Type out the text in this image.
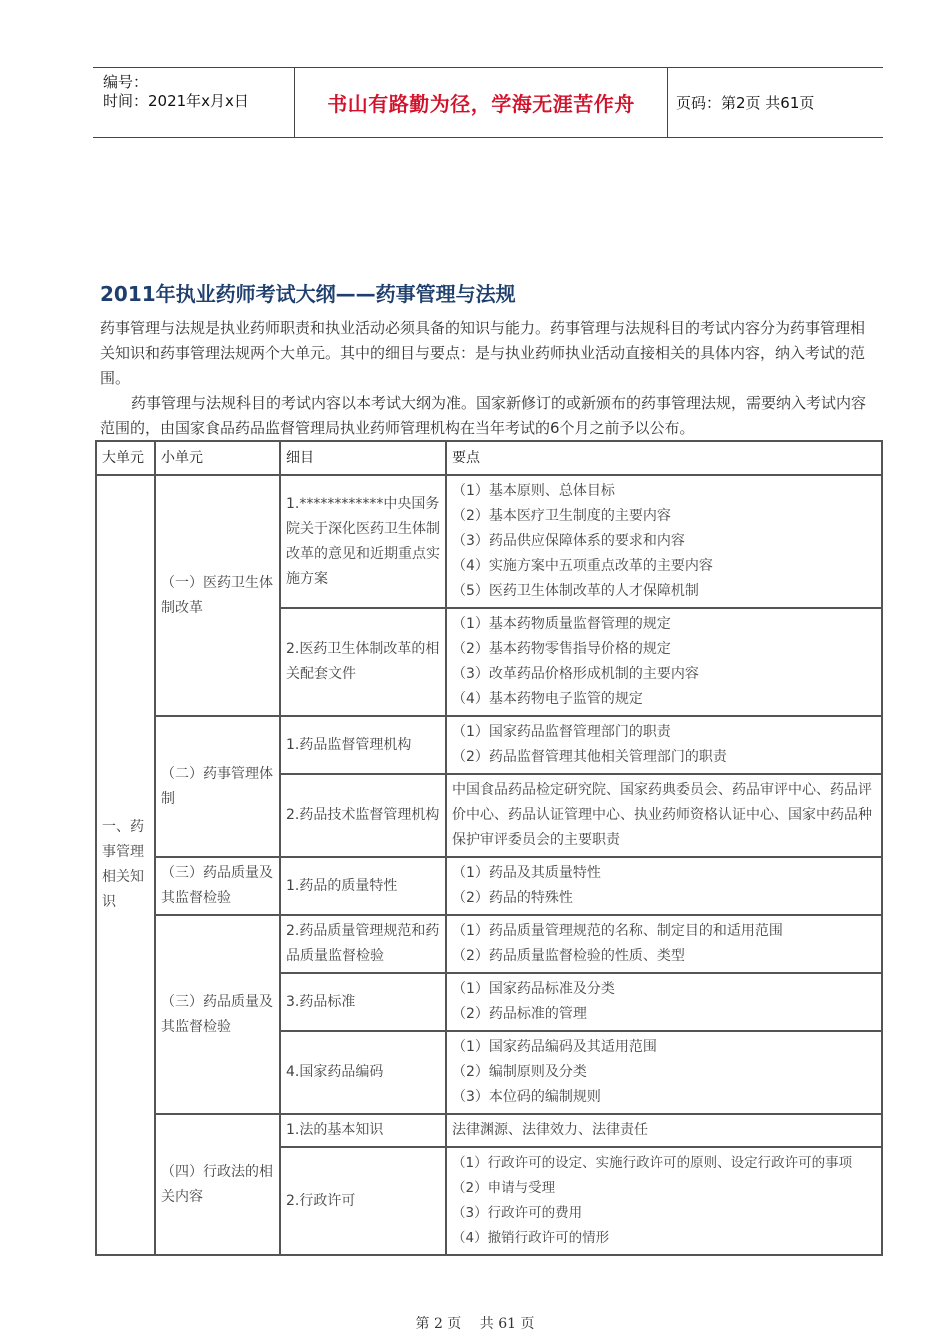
编号：
时间：2021年x月x日	书山有路勤为径，学海无涯苦作舟	页码：第2页 共61页
2011年执业药师考试大纲——药事管理与法规

药事管理与法规是执业药师职责和执业活动必须具备的知识与能力。药事管理与法规科目的考试内容分为药事管理相关知识和药事管理法规两个大单元。其中的细目与要点：是与执业药师执业活动直接相关的具体内容，纳入考试的范围。

药事管理与法规科目的考试内容以本考试大纲为准。国家新修订的或新颁布的药事管理法规，需要纳入考试内容范围的，由国家食品药品监督管理局执业药师管理机构在当年考试的6个月之前予以公布。

大单元	小单元	细目	要点
一、药事管理相关知识	（一）医药卫生体制改革	1.************中央国务院关于深化医药卫生体制改革的意见和近期重点实施方案	（1）基本原则、总体目标
（2）基本医疗卫生制度的主要内容
（3）药品供应保障体系的要求和内容
（4）实施方案中五项重点改革的主要内容
（5）医药卫生体制改革的人才保障机制

		2.医药卫生体制改革的相关配套文件	（1）基本药物质量监督管理的规定
（2）基本药物零售指导价格的规定
（3）改革药品价格形成机制的主要内容
（4）基本药物电子监管的规定

	（二）药事管理体制	1.药品监督管理机构	（1）国家药品监督管理部门的职责
（2）药品监督管理其他相关管理部门的职责

		2.药品技术监督管理机构	中国食品药品检定研究院、国家药典委员会、药品审评中心、药品评价中心、药品认证管理中心、执业药师资格认证中心、国家中药品种保护审评委员会的主要职责

	（三）药品质量及其监督检验	1.药品的质量特性	（1）药品及其质量特性
（2）药品的特殊性

	（三）药品质量及其监督检验	2.药品质量管理规范和药品质量监督检验	（1）药品质量管理规范的名称、制定目的和适用范围
（2）药品质量监督检验的性质、类型

		3.药品标准	（1）国家药品标准及分类
（2）药品标准的管理

		4.国家药品编码	（1）国家药品编码及其适用范围
（2）编制原则及分类
（3）本位码的编制规则

	（四）行政法的相关内容	1.法的基本知识	法律渊源、法律效力、法律责任

		2.行政许可	（1）行政许可的设定、实施行政许可的原则、设定行政许可的事项
（2）申请与受理
（3）行政许可的费用
（4）撤销行政许可的情形
第 2 页 共 61 页
